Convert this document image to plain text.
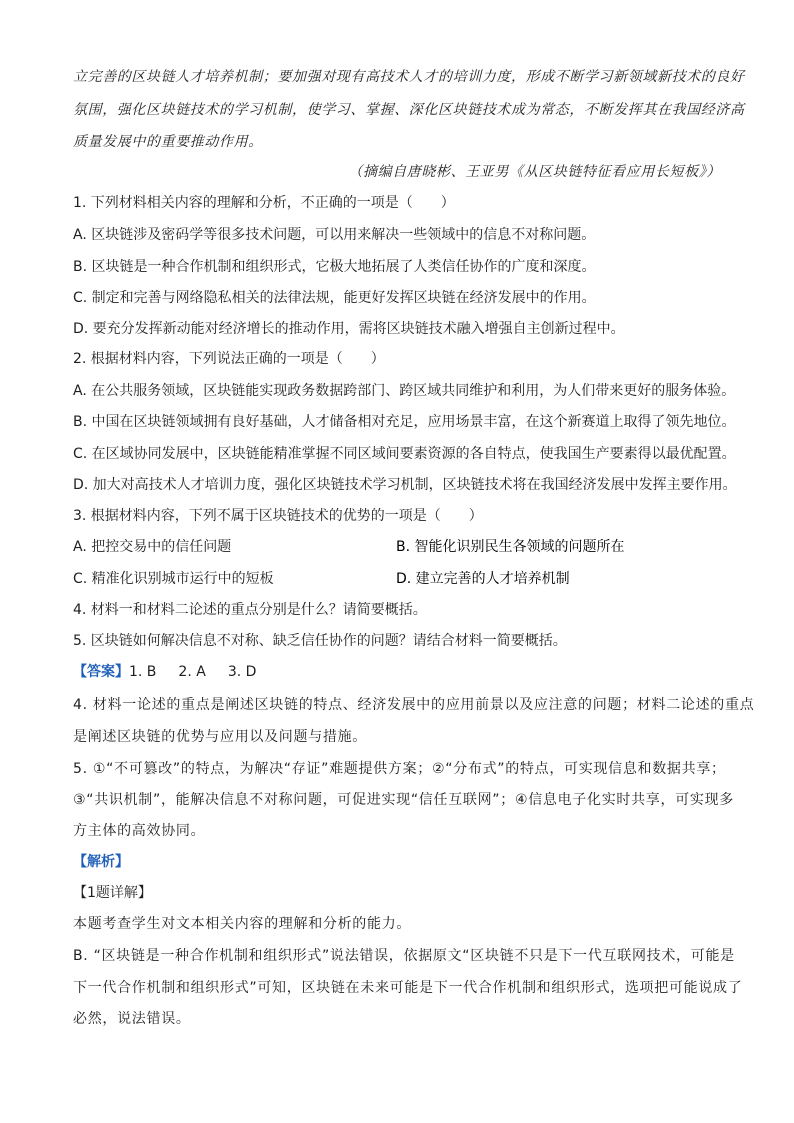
立完善的区块链人才培养机制；要加强对现有高技术人才的培训力度，形成不断学习新领域新技术的良好
氛围，强化区块链技术的学习机制，使学习、掌握、深化区块链技术成为常态，不断发挥其在我国经济高
质量发展中的重要推动作用。
（摘编自唐晓彬、王亚男《从区块链特征看应用长短板》）
1. 下列材料相关内容的理解和分析，不正确的一项是（　　）
A. 区块链涉及密码学等很多技术问题，可以用来解决一些领域中的信息不对称问题。
B. 区块链是一种合作机制和组织形式，它极大地拓展了人类信任协作的广度和深度。
C. 制定和完善与网络隐私相关的法律法规，能更好发挥区块链在经济发展中的作用。
D. 要充分发挥新动能对经济增长的推动作用，需将区块链技术融入增强自主创新过程中。
2. 根据材料内容，下列说法正确的一项是（　　）
A. 在公共服务领域，区块链能实现政务数据跨部门、跨区域共同维护和利用，为人们带来更好的服务体验。
B. 中国在区块链领域拥有良好基础，人才储备相对充足，应用场景丰富，在这个新赛道上取得了领先地位。
C. 在区域协同发展中，区块链能精准掌握不同区域间要素资源的各自特点，使我国生产要素得以最优配置。
D. 加大对高技术人才培训力度，强化区块链技术学习机制，区块链技术将在我国经济发展中发挥主要作用。
3. 根据材料内容，下列不属于区块链技术的优势的一项是（　　）
A. 把控交易中的信任问题	B. 智能化识别民生各领域的问题所在
C. 精准化识别城市运行中的短板	D. 建立完善的人才培养机制
4. 材料一和材料二论述的重点分别是什么？请简要概括。
5. 区块链如何解决信息不对称、缺乏信任协作的问题？请结合材料一简要概括。
【答案】1. B 2. A 3. D
4. 材料一论述的重点是阐述区块链的特点、经济发展中的应用前景以及应注意的问题；材料二论述的重点
是阐述区块链的优势与应用以及问题与措施。
5. ①“不可篡改”的特点，为解决“存证”难题提供方案；②“分布式”的特点，可实现信息和数据共享；
③“共识机制”，能解决信息不对称问题，可促进实现“信任互联网”；④信息电子化实时共享，可实现多
方主体的高效协同。
【解析】
【1题详解】
本题考查学生对文本相关内容的理解和分析的能力。
B. “区块链是一种合作机制和组织形式”说法错误，依据原文“区块链不只是下一代互联网技术，可能是
下一代合作机制和组织形式”可知，区块链在未来可能是下一代合作机制和组织形式，选项把可能说成了
必然，说法错误。
